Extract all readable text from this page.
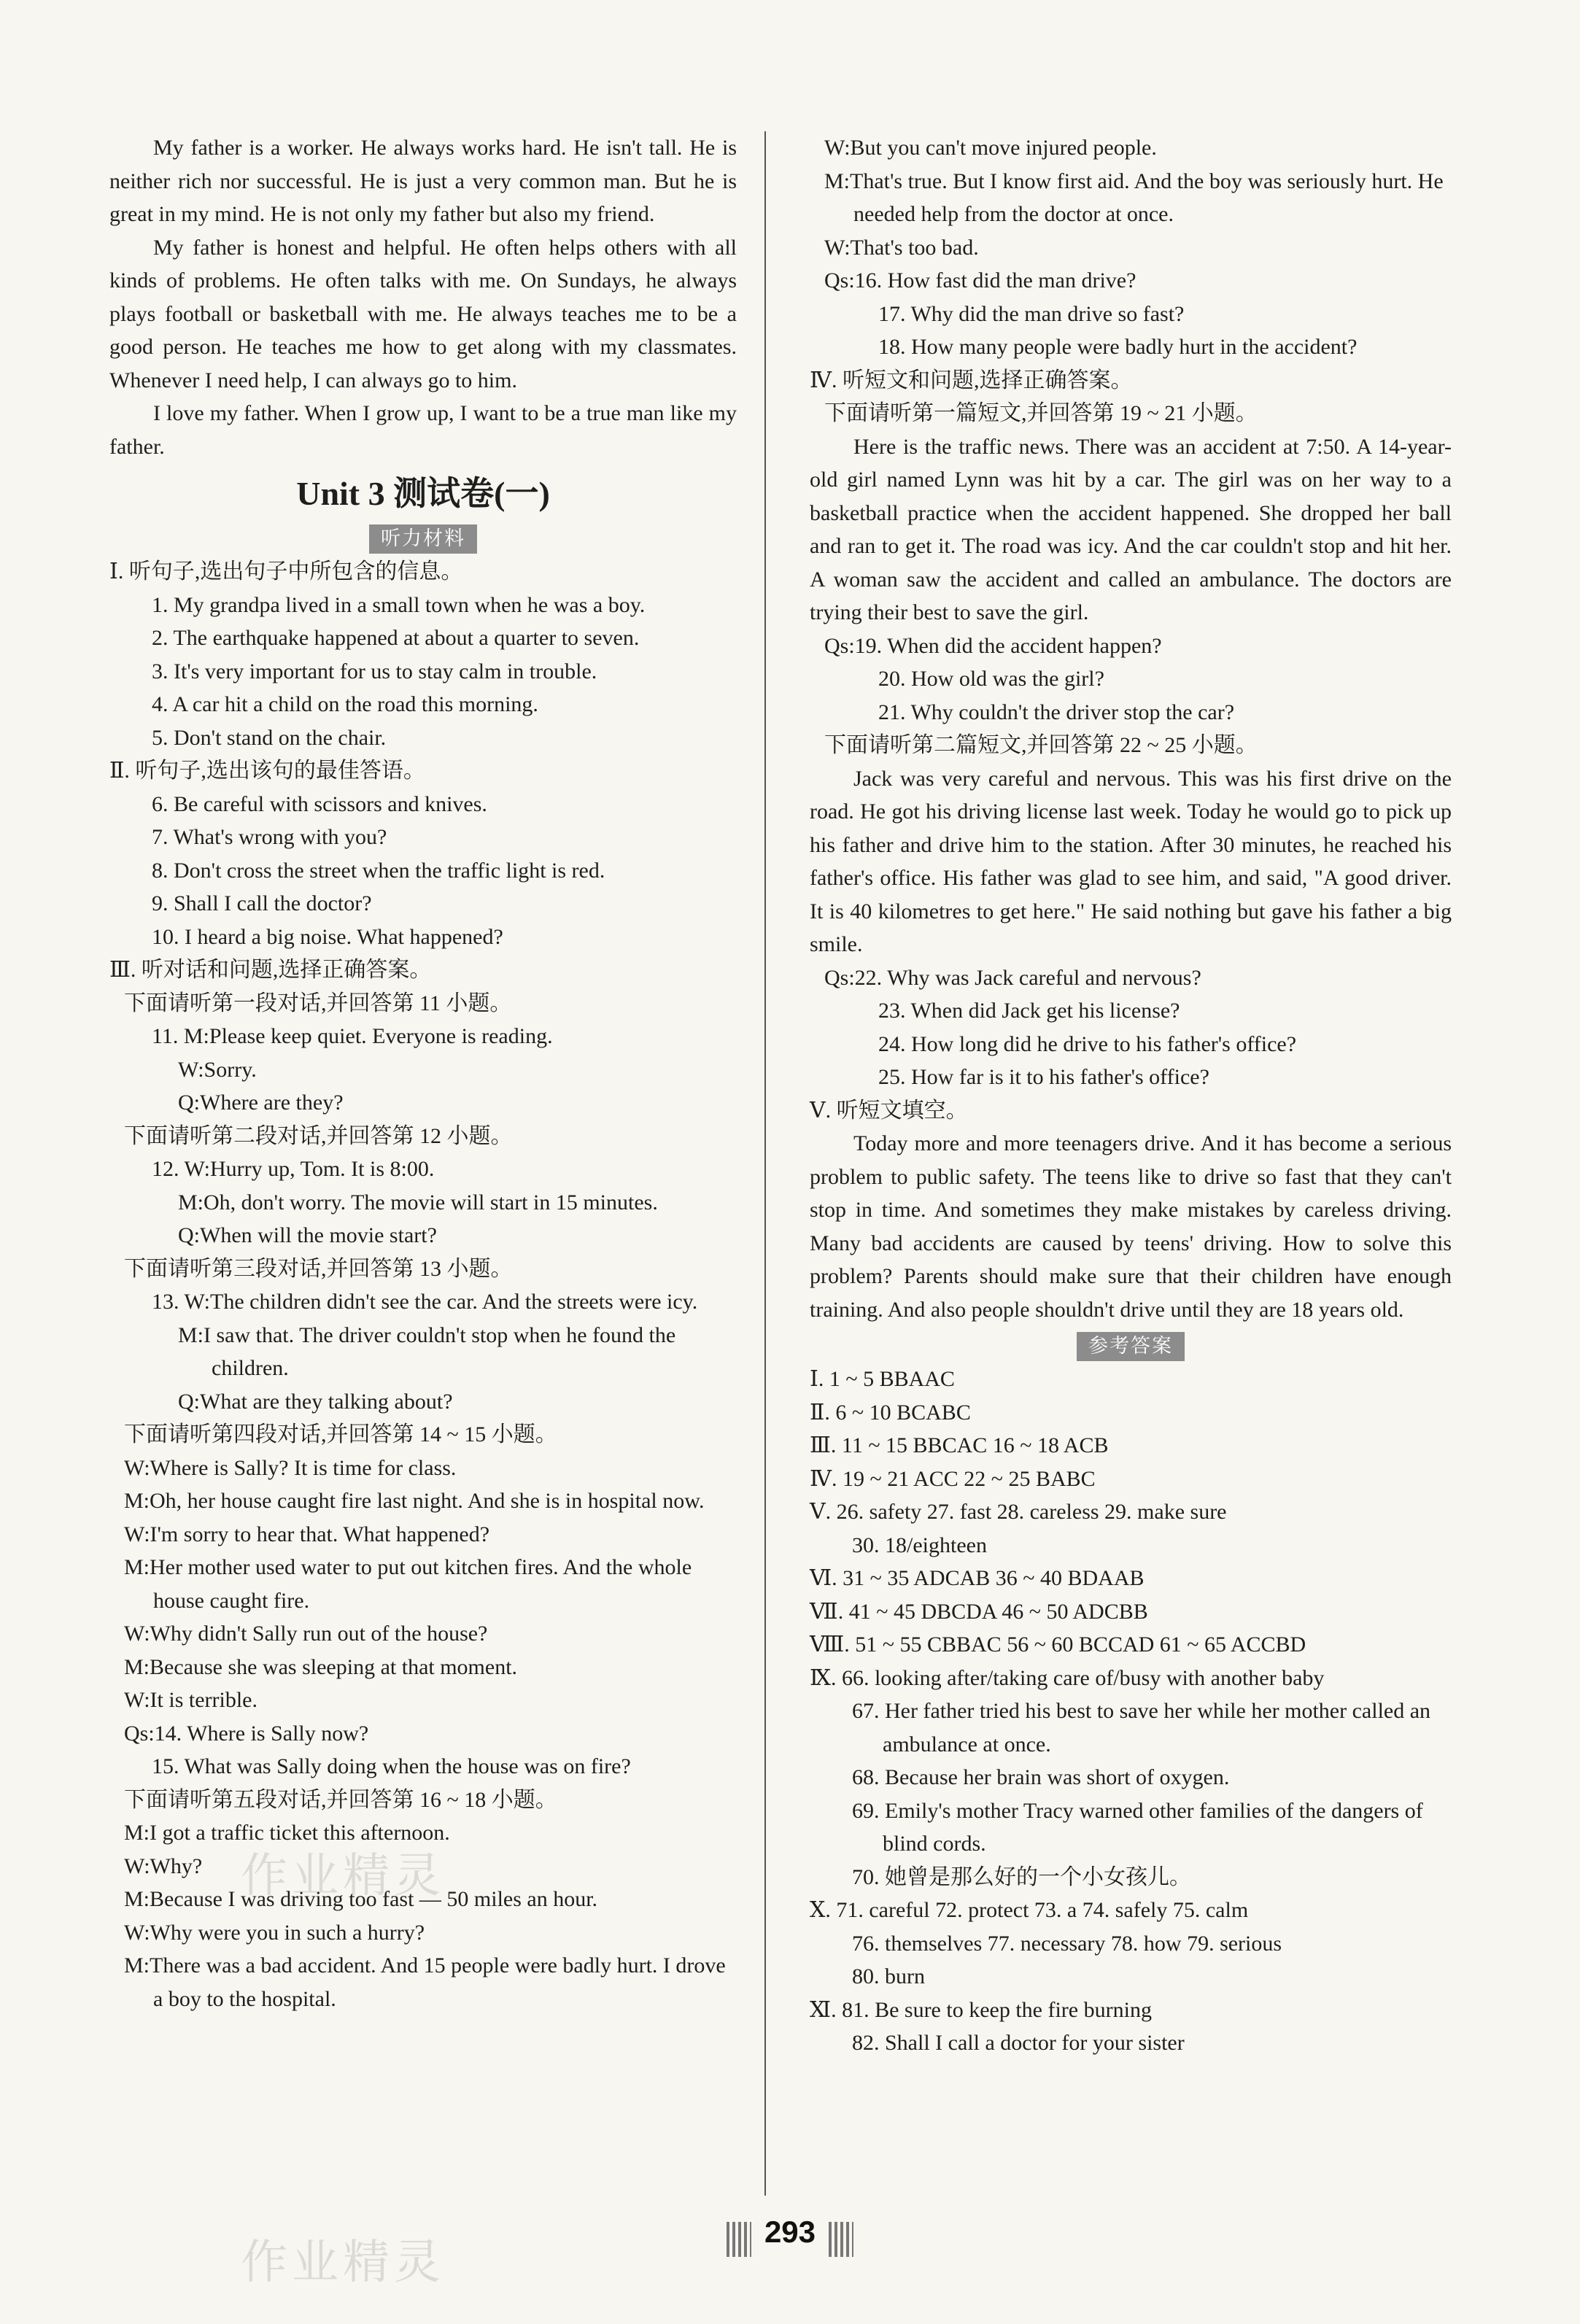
My father is a worker. He always works hard. He isn't tall. He is neither rich nor successful. He is just a very common man. But he is great in my mind. He is not only my father but also my friend.

My father is honest and helpful. He often helps others with all kinds of problems. He often talks with me. On Sundays, he always plays football or basketball with me. He always teaches me to be a good person. He teaches me how to get along with my classmates. Whenever I need help, I can always go to him.

I love my father. When I grow up, I want to be a true man like my father.

Unit 3 测试卷(一)
听力材料

Ⅰ. 听句子,选出句子中所包含的信息。

1. My grandpa lived in a small town when he was a boy.

2. The earthquake happened at about a quarter to seven.

3. It's very important for us to stay calm in trouble.

4. A car hit a child on the road this morning.

5. Don't stand on the chair.

Ⅱ. 听句子,选出该句的最佳答语。

6. Be careful with scissors and knives.

7. What's wrong with you?

8. Don't cross the street when the traffic light is red.

9. Shall I call the doctor?

10. I heard a big noise. What happened?

Ⅲ. 听对话和问题,选择正确答案。

下面请听第一段对话,并回答第 11 小题。

11. M:Please keep quiet. Everyone is reading.

W:Sorry.

Q:Where are they?

下面请听第二段对话,并回答第 12 小题。

12. W:Hurry up, Tom. It is 8:00.

M:Oh, don't worry. The movie will start in 15 minutes.

Q:When will the movie start?

下面请听第三段对话,并回答第 13 小题。

13. W:The children didn't see the car. And the streets were icy.

M:I saw that. The driver couldn't stop when he found the children.

Q:What are they talking about?

下面请听第四段对话,并回答第 14 ~ 15 小题。

W:Where is Sally? It is time for class.

M:Oh, her house caught fire last night. And she is in hospital now.

W:I'm sorry to hear that. What happened?

M:Her mother used water to put out kitchen fires. And the whole house caught fire.

W:Why didn't Sally run out of the house?

M:Because she was sleeping at that moment.

W:It is terrible.

Qs:14. Where is Sally now?

15. What was Sally doing when the house was on fire?

下面请听第五段对话,并回答第 16 ~ 18 小题。

M:I got a traffic ticket this afternoon.

W:Why?

M:Because I was driving too fast — 50 miles an hour.

W:Why were you in such a hurry?

M:There was a bad accident. And 15 people were badly hurt. I drove a boy to the hospital.

W:But you can't move injured people.

M:That's true. But I know first aid. And the boy was seriously hurt. He needed help from the doctor at once.

W:That's too bad.

Qs:16. How fast did the man drive?

17. Why did the man drive so fast?

18. How many people were badly hurt in the accident?

Ⅳ. 听短文和问题,选择正确答案。

下面请听第一篇短文,并回答第 19 ~ 21 小题。

Here is the traffic news. There was an accident at 7:50. A 14-year-old girl named Lynn was hit by a car. The girl was on her way to a basketball practice when the accident happened. She dropped her ball and ran to get it. The road was icy. And the car couldn't stop and hit her. A woman saw the accident and called an ambulance. The doctors are trying their best to save the girl.

Qs:19. When did the accident happen?

20. How old was the girl?

21. Why couldn't the driver stop the car?

下面请听第二篇短文,并回答第 22 ~ 25 小题。

Jack was very careful and nervous. This was his first drive on the road. He got his driving license last week. Today he would go to pick up his father and drive him to the station. After 30 minutes, he reached his father's office. His father was glad to see him, and said, "A good driver. It is 40 kilometres to get here." He said nothing but gave his father a big smile.

Qs:22. Why was Jack careful and nervous?

23. When did Jack get his license?

24. How long did he drive to his father's office?

25. How far is it to his father's office?

Ⅴ. 听短文填空。

Today more and more teenagers drive. And it has become a serious problem to public safety. The teens like to drive so fast that they can't stop in time. And sometimes they make mistakes by careless driving. Many bad accidents are caused by teens' driving. How to solve this problem? Parents should make sure that their children have enough training. And also people shouldn't drive until they are 18 years old.

参考答案

Ⅰ. 1 ~ 5 BBAAC

Ⅱ. 6 ~ 10 BCABC

Ⅲ. 11 ~ 15 BBCAC 16 ~ 18 ACB

Ⅳ. 19 ~ 21 ACC 22 ~ 25 BABC

Ⅴ. 26. safety 27. fast 28. careless 29. make sure

30. 18/eighteen

Ⅵ. 31 ~ 35 ADCAB 36 ~ 40 BDAAB

Ⅶ. 41 ~ 45 DBCDA 46 ~ 50 ADCBB

Ⅷ. 51 ~ 55 CBBAC 56 ~ 60 BCCAD 61 ~ 65 ACCBD

Ⅸ. 66. looking after/taking care of/busy with another baby

67. Her father tried his best to save her while her mother called an ambulance at once.

68. Because her brain was short of oxygen.

69. Emily's mother Tracy warned other families of the dangers of blind cords.

70. 她曾是那么好的一个小女孩儿。

Ⅹ. 71. careful 72. protect 73. a 74. safely 75. calm

76. themselves 77. necessary 78. how 79. serious

80. burn

Ⅺ. 81. Be sure to keep the fire burning

82. Shall I call a doctor for your sister

作业精灵
作业精灵
293
